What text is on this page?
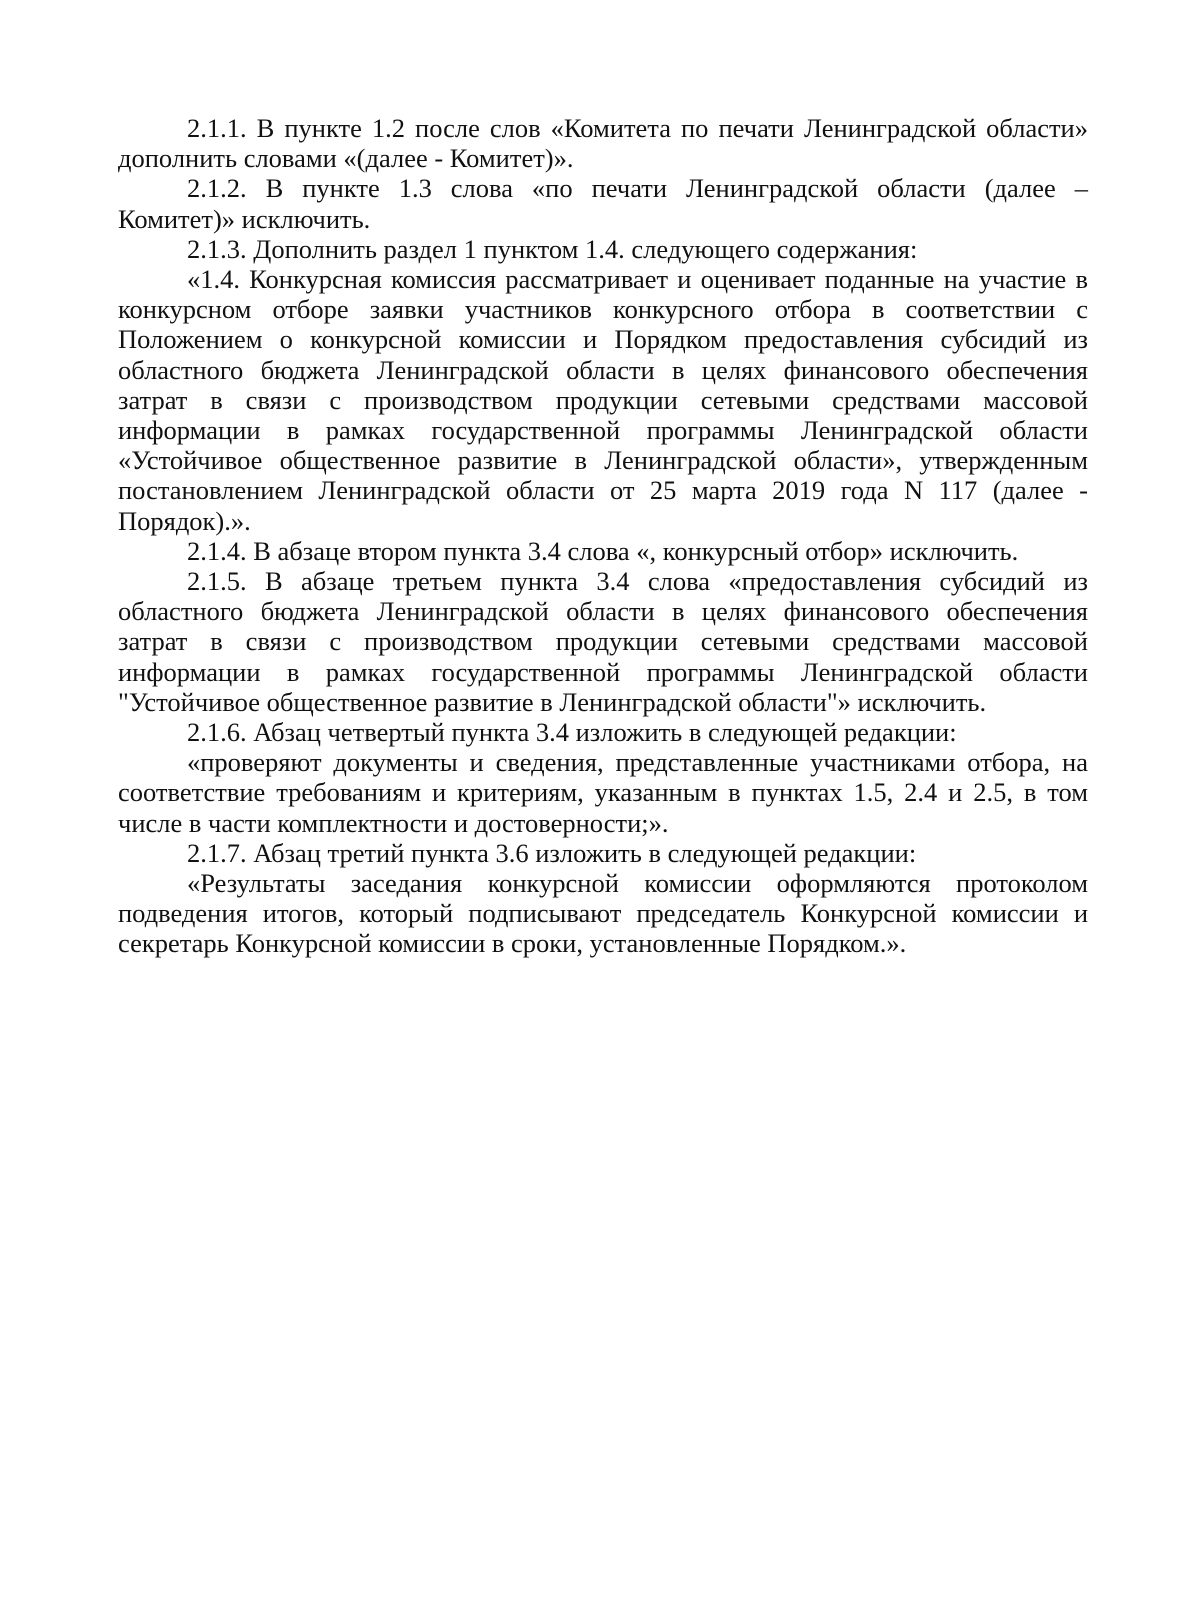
2.1.1. В пункте 1.2 после слов «Комитета по печати Ленинградской области» дополнить словами «(далее - Комитет)».

2.1.2. В пункте 1.3 слова «по печати Ленинградской области (далее – Комитет)» исключить.

2.1.3. Дополнить раздел 1 пунктом 1.4. следующего содержания:

«1.4. Конкурсная комиссия рассматривает и оценивает поданные на участие в конкурсном отборе заявки участников конкурсного отбора в соответствии с Положением о конкурсной комиссии и Порядком предоставления субсидий из областного бюджета Ленинградской области в целях финансового обеспечения затрат в связи с производством продукции сетевыми средствами массовой информации в рамках государственной программы Ленинградской области «Устойчивое общественное развитие в Ленинградской области», утвержденным постановлением Ленинградской области от 25 марта 2019 года N 117 (далее - Порядок).».

2.1.4. В абзаце втором пункта 3.4 слова «, конкурсный отбор» исключить.

2.1.5. В абзаце третьем пункта 3.4 слова «предоставления субсидий из областного бюджета Ленинградской области в целях финансового обеспечения затрат в связи с производством продукции сетевыми средствами массовой информации в рамках государственной программы Ленинградской области "Устойчивое общественное развитие в Ленинградской области"» исключить.

2.1.6. Абзац четвертый пункта 3.4 изложить в следующей редакции:

«проверяют документы и сведения, представленные участниками отбора, на соответствие требованиям и критериям, указанным в пунктах 1.5, 2.4 и 2.5, в том числе в части комплектности и достоверности;».

2.1.7. Абзац третий пункта 3.6 изложить в следующей редакции:

«Результаты заседания конкурсной комиссии оформляются протоколом подведения итогов, который подписывают председатель Конкурсной комиссии и секретарь Конкурсной комиссии в сроки, установленные Порядком.».
